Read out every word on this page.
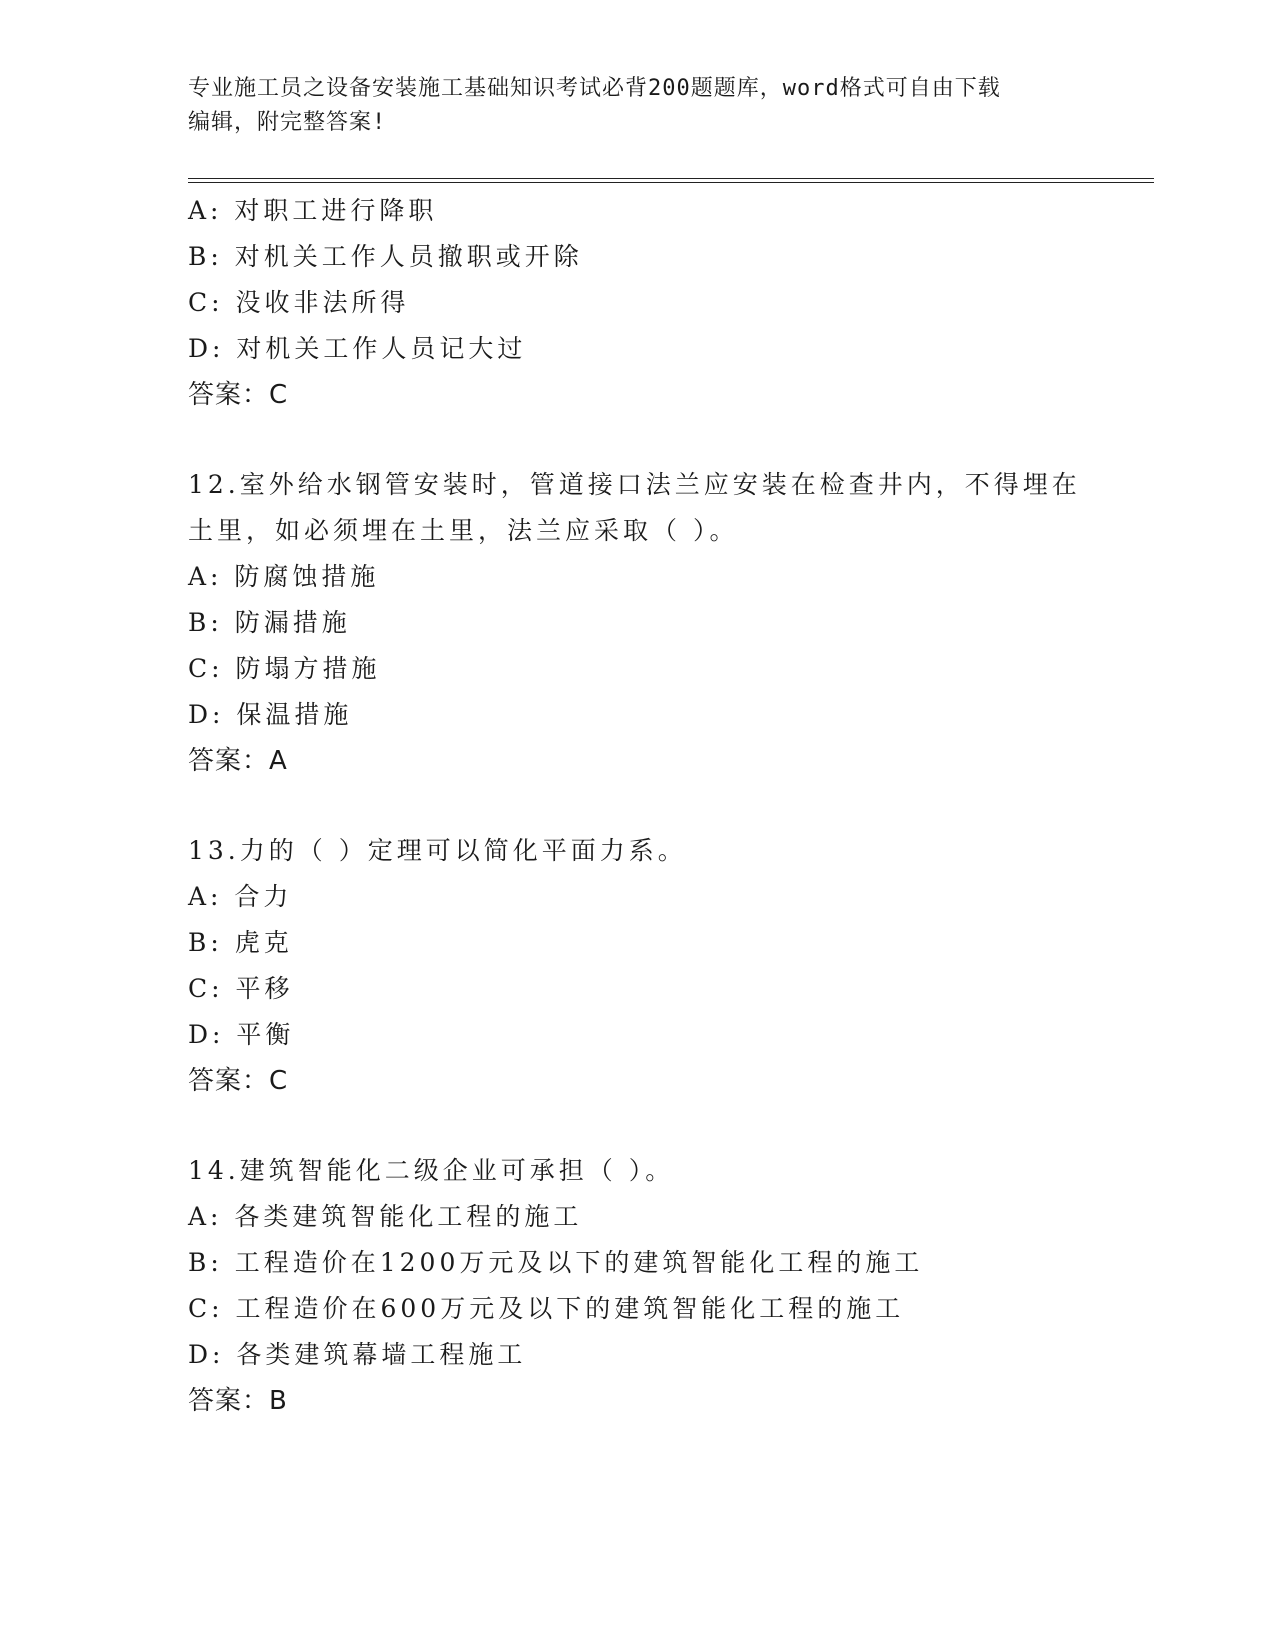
专业施工员之设备安装施工基础知识考试必背200题题库，word格式可自由下载
编辑，附完整答案!
A: 对职工进行降职
B: 对机关工作人员撤职或开除
C: 没收非法所得
D: 对机关工作人员记大过
答案：C
12.室外给水钢管安装时，管道接口法兰应安装在检查井内，不得埋在
土里，如必须埋在土里，法兰应采取（ ）。
A: 防腐蚀措施
B: 防漏措施
C: 防塌方措施
D: 保温措施
答案：A
13.力的（ ）定理可以简化平面力系。
A: 合力
B: 虎克
C: 平移
D: 平衡
答案：C
14.建筑智能化二级企业可承担（ ）。
A: 各类建筑智能化工程的施工
B: 工程造价在1200万元及以下的建筑智能化工程的施工
C: 工程造价在600万元及以下的建筑智能化工程的施工
D: 各类建筑幕墙工程施工
答案：B
